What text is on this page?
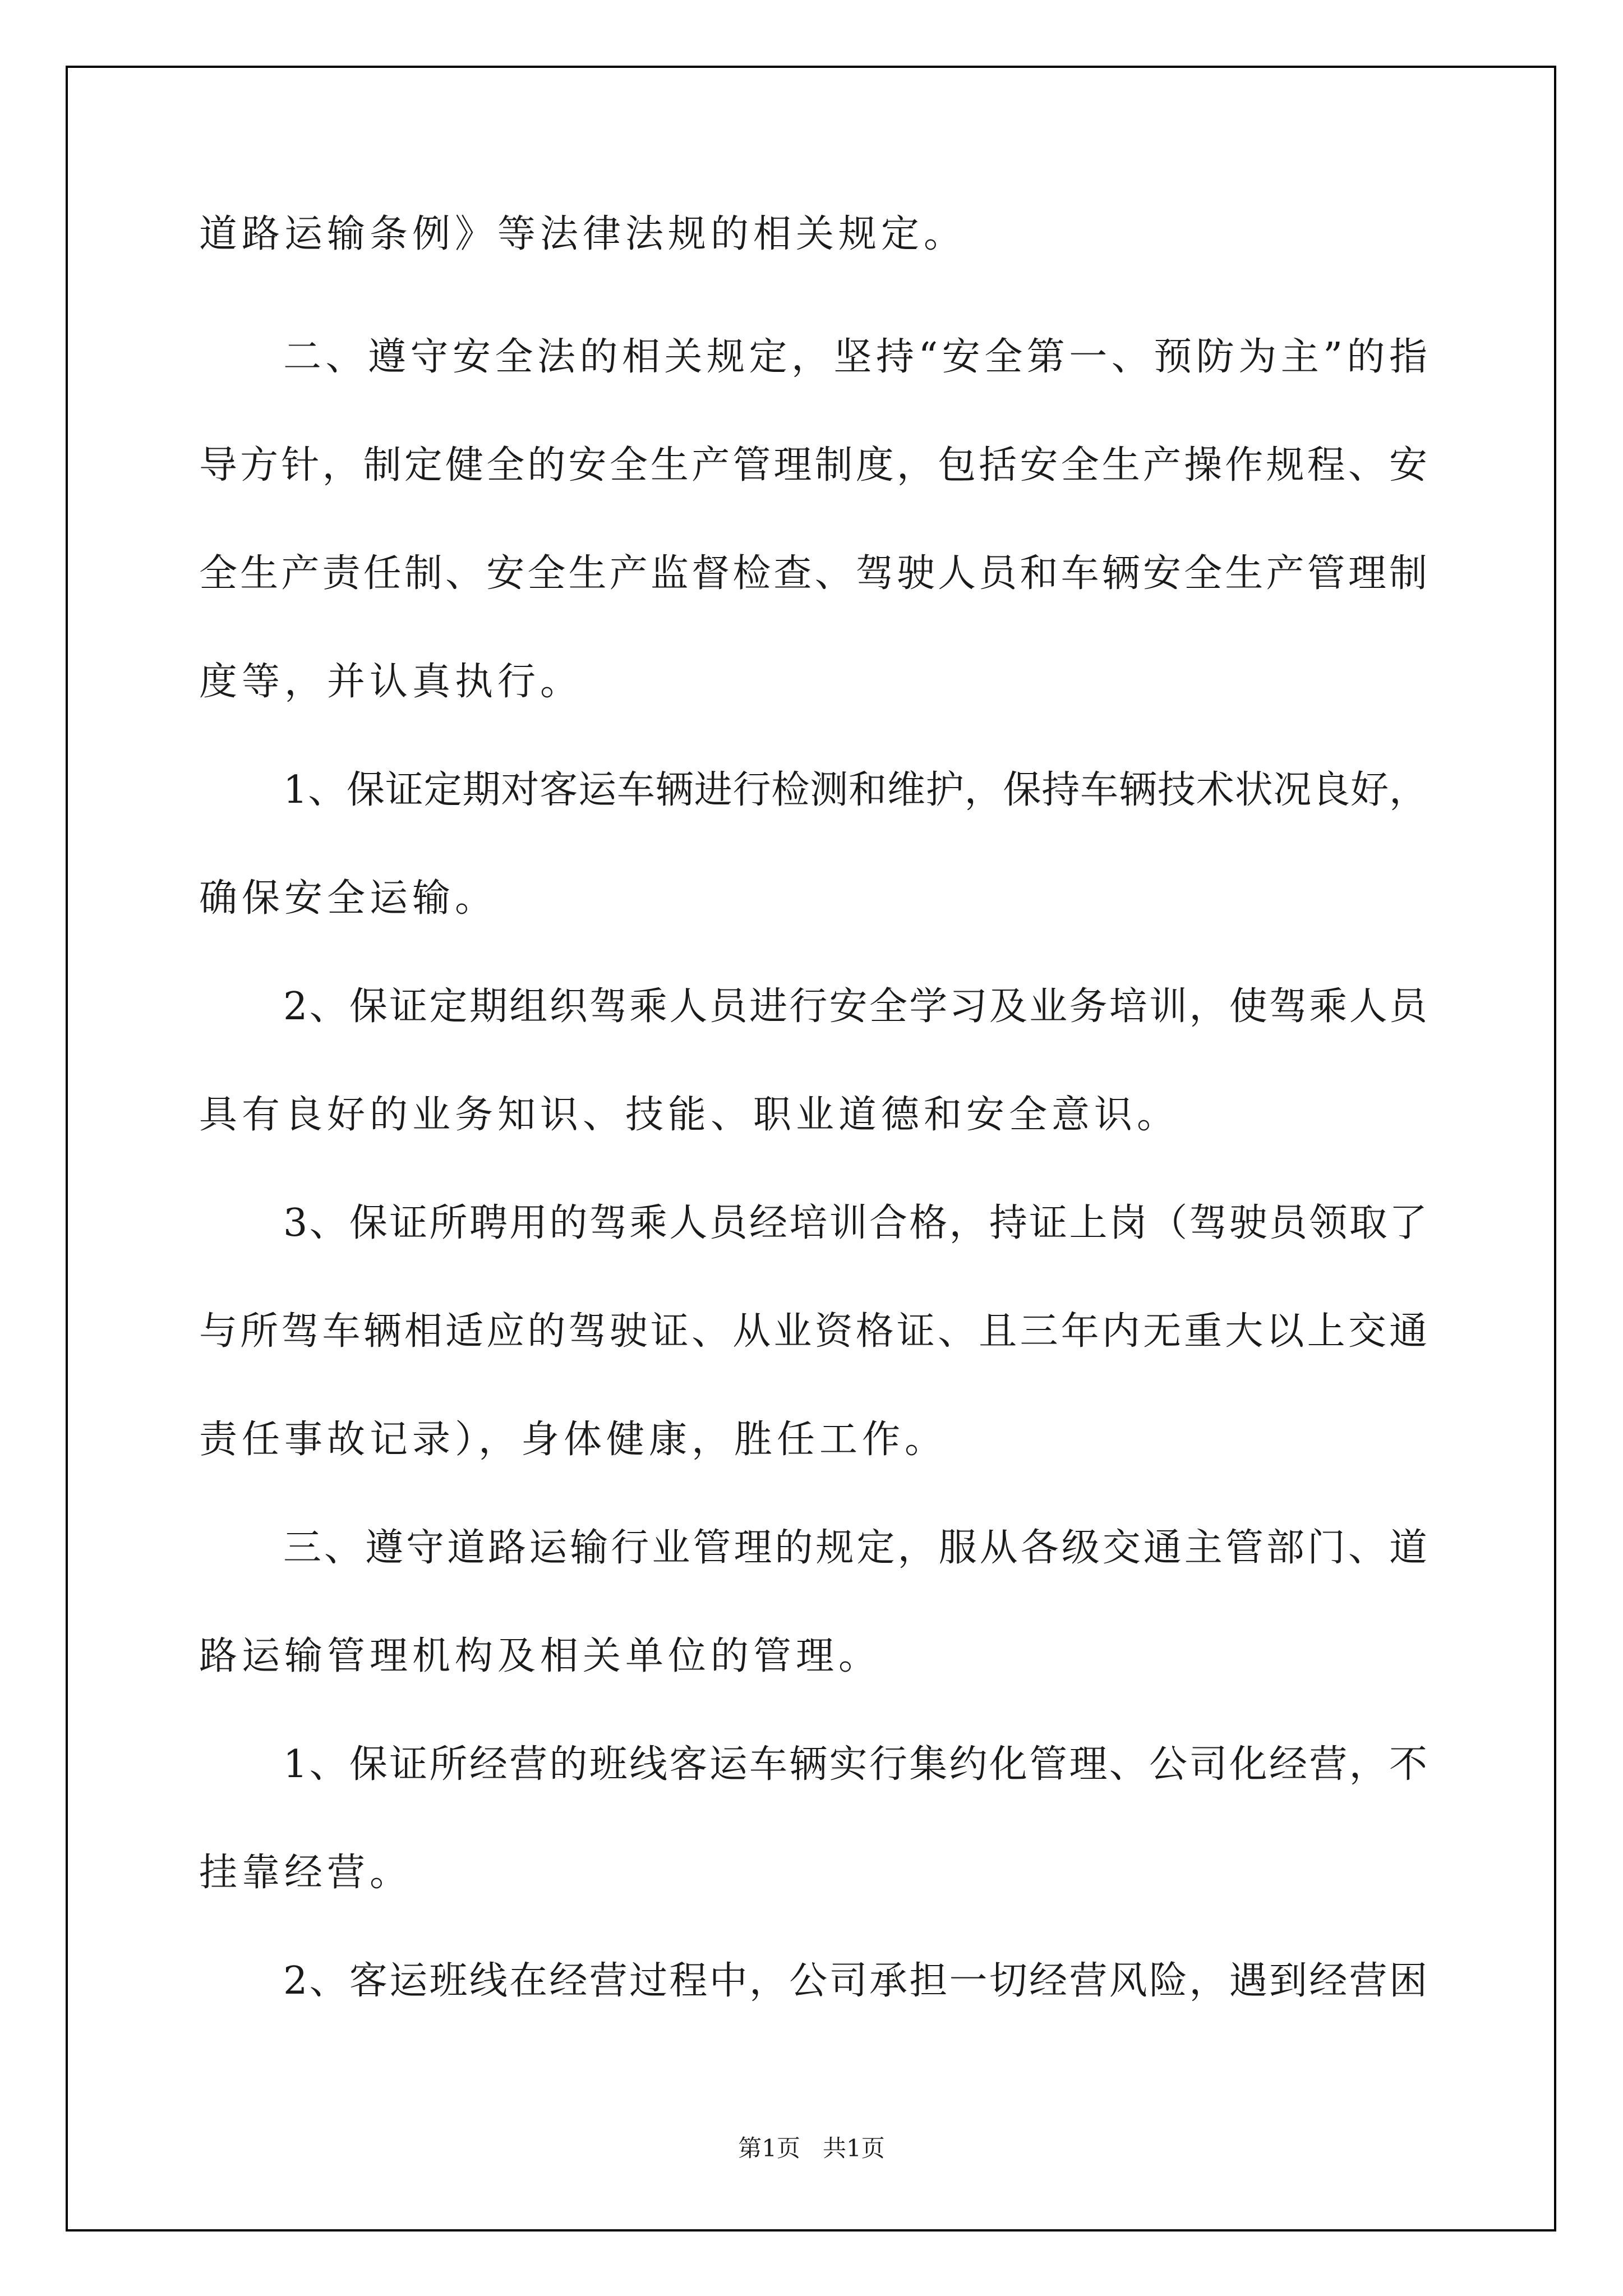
道路运输条例》等法律法规的相关规定。
二、遵守安全法的相关规定，坚持“安全第一、预防为主”的指
导方针，制定健全的安全生产管理制度，包括安全生产操作规程、安
全生产责任制、安全生产监督检查、驾驶人员和车辆安全生产管理制
度等，并认真执行。
1、保证定期对客运车辆进行检测和维护，保持车辆技术状况良好，
确保安全运输。
2、保证定期组织驾乘人员进行安全学习及业务培训，使驾乘人员
具有良好的业务知识、技能、职业道德和安全意识。
3、保证所聘用的驾乘人员经培训合格，持证上岗（驾驶员领取了
与所驾车辆相适应的驾驶证、从业资格证、且三年内无重大以上交通
责任事故记录），身体健康，胜任工作。
三、遵守道路运输行业管理的规定，服从各级交通主管部门、道
路运输管理机构及相关单位的管理。
1、保证所经营的班线客运车辆实行集约化管理、公司化经营，不
挂靠经营。
2、客运班线在经营过程中，公司承担一切经营风险，遇到经营困
第1页 共1页
